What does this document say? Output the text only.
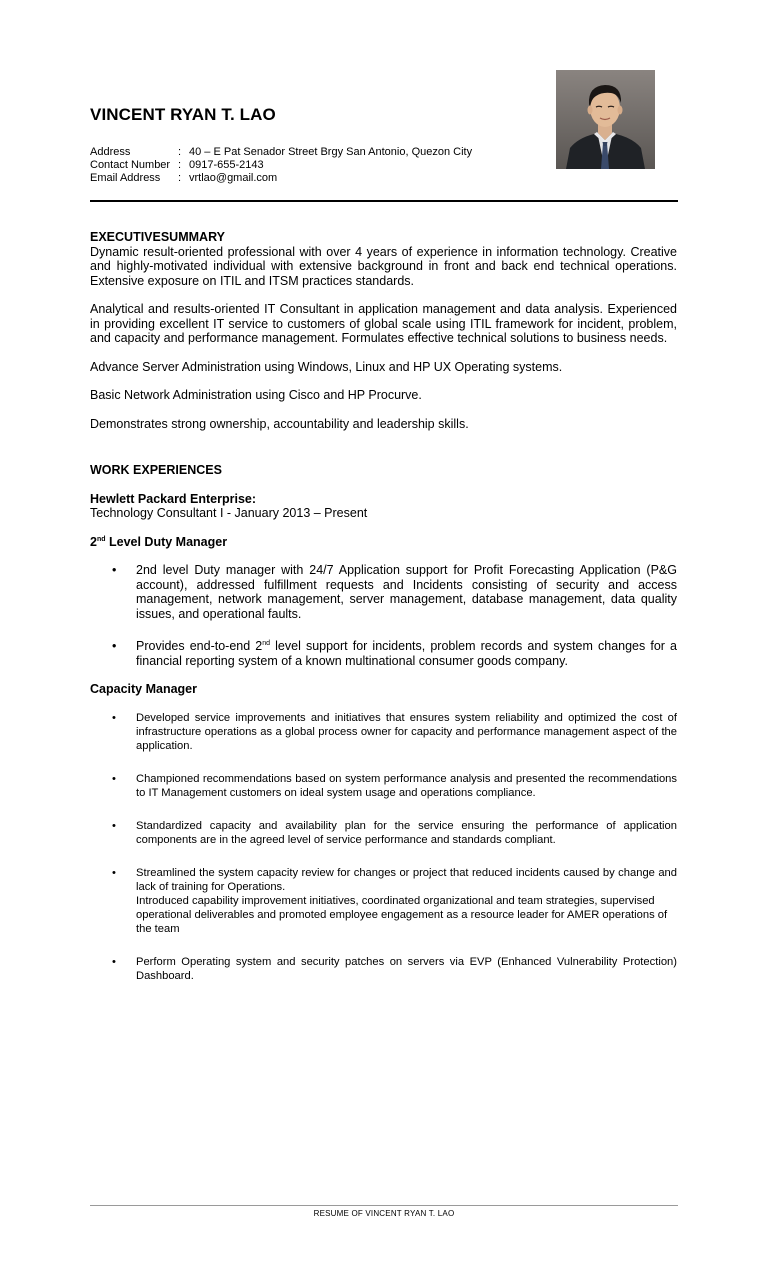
VINCENT RYAN T. LAO
Address	: 40 – E Pat Senador Street Brgy San Antonio, Quezon City
Contact Number : 0917-655-2143
Email Address	: vrtlao@gmail.com
EXECUTIVESUMMARY

Dynamic result-oriented professional with over 4 years of experience in information technology. Creative and highly-motivated individual with extensive background in front and back end technical operations. Extensive exposure on ITIL and ITSM practices standards.

Analytical and results-oriented IT Consultant in application management and data analysis. Experienced in providing excellent IT service to customers of global scale using ITIL framework for incident, problem, and capacity and performance management. Formulates effective technical solutions to business needs.

Advance Server Administration using Windows, Linux and HP UX Operating systems.

Basic Network Administration using Cisco and HP Procurve.

Demonstrates strong ownership, accountability and leadership skills.

WORK EXPERIENCES
Hewlett Packard Enterprise:
Technology Consultant I - January 2013 – Present
2nd Level Duty Manager
• 2nd level Duty manager with 24/7 Application support for Profit Forecasting Application (P&G account), addressed fulfillment requests and Incidents consisting of security and access management, network management, server management, database management, data quality issues, and operational faults.
• Provides end-to-end 2nd level support for incidents, problem records and system changes for a financial reporting system of a known multinational consumer goods company.
Capacity Manager
• Developed service improvements and initiatives that ensures system reliability and optimized the cost of infrastructure operations as a global process owner for capacity and performance management aspect of the application.
• Championed recommendations based on system performance analysis and presented the recommendations to IT Management customers on ideal system usage and operations compliance.
• Standardized capacity and availability plan for the service ensuring the performance of application components are in the agreed level of service performance and standards compliant.
• Streamlined the system capacity review for changes or project that reduced incidents caused by change and lack of training for Operations.
Introduced capability improvement initiatives, coordinated organizational and team strategies, supervised operational deliverables and promoted employee engagement as a resource leader for AMER operations of the team
• Perform Operating system and security patches on servers via EVP (Enhanced Vulnerability Protection) Dashboard.
RESUME OF VINCENT RYAN T. LAO
